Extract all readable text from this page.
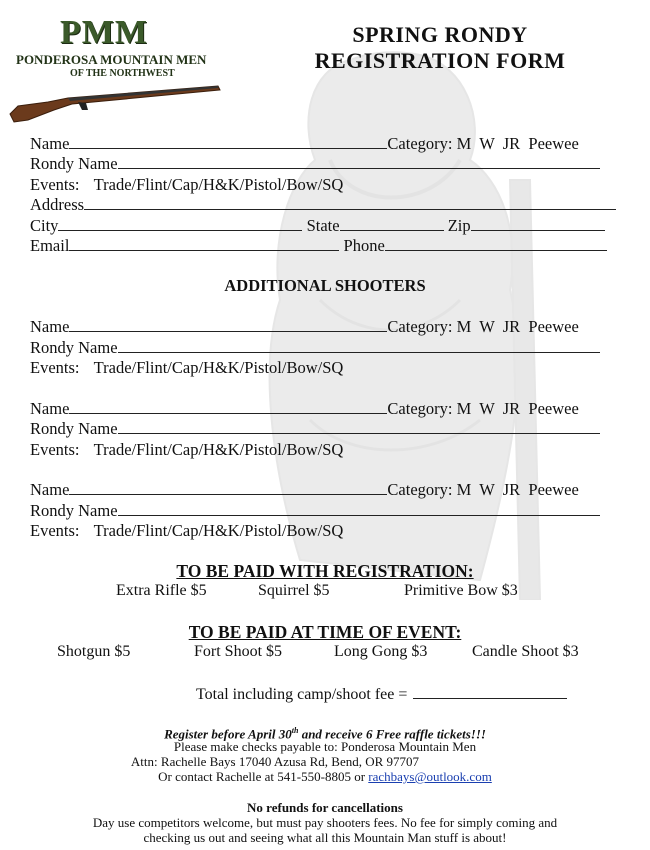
PMM
PONDEROSA MOUNTAIN MEN
OF THE NORTHWEST
SPRING RONDY
REGISTRATION FORM
Name	Category: M  W  JR  Peewee
Rondy Name
Events: Trade/Flint/Cap/H&K/Pistol/Bow/SQ
Address
City	State	Zip
Email	Phone
ADDITIONAL SHOOTERS
Name	Category: M  W  JR  Peewee
Rondy Name
Events: Trade/Flint/Cap/H&K/Pistol/Bow/SQ
Name	Category: M  W  JR  Peewee
Rondy Name
Events: Trade/Flint/Cap/H&K/Pistol/Bow/SQ
Name	Category: M  W  JR  Peewee
Rondy Name
Events: Trade/Flint/Cap/H&K/Pistol/Bow/SQ
TO BE PAID WITH REGISTRATION:
Extra Rifle $5	Squirrel $5	Primitive Bow $3
TO BE PAID AT TIME OF EVENT:
Shotgun $5	Fort Shoot $5	Long Gong $3	Candle Shoot $3
Total including camp/shoot fee =
Register before April 30th and receive 6 Free raffle tickets!!!
Please make checks payable to: Ponderosa Mountain Men
Attn: Rachelle Bays 17040 Azusa Rd, Bend, OR 97707
Or contact Rachelle at 541-550-8805 or rachbays@outlook.com
No refunds for cancellations
Day use competitors welcome, but must pay shooters fees. No fee for simply coming and
checking us out and seeing what all this Mountain Man stuff is about!
